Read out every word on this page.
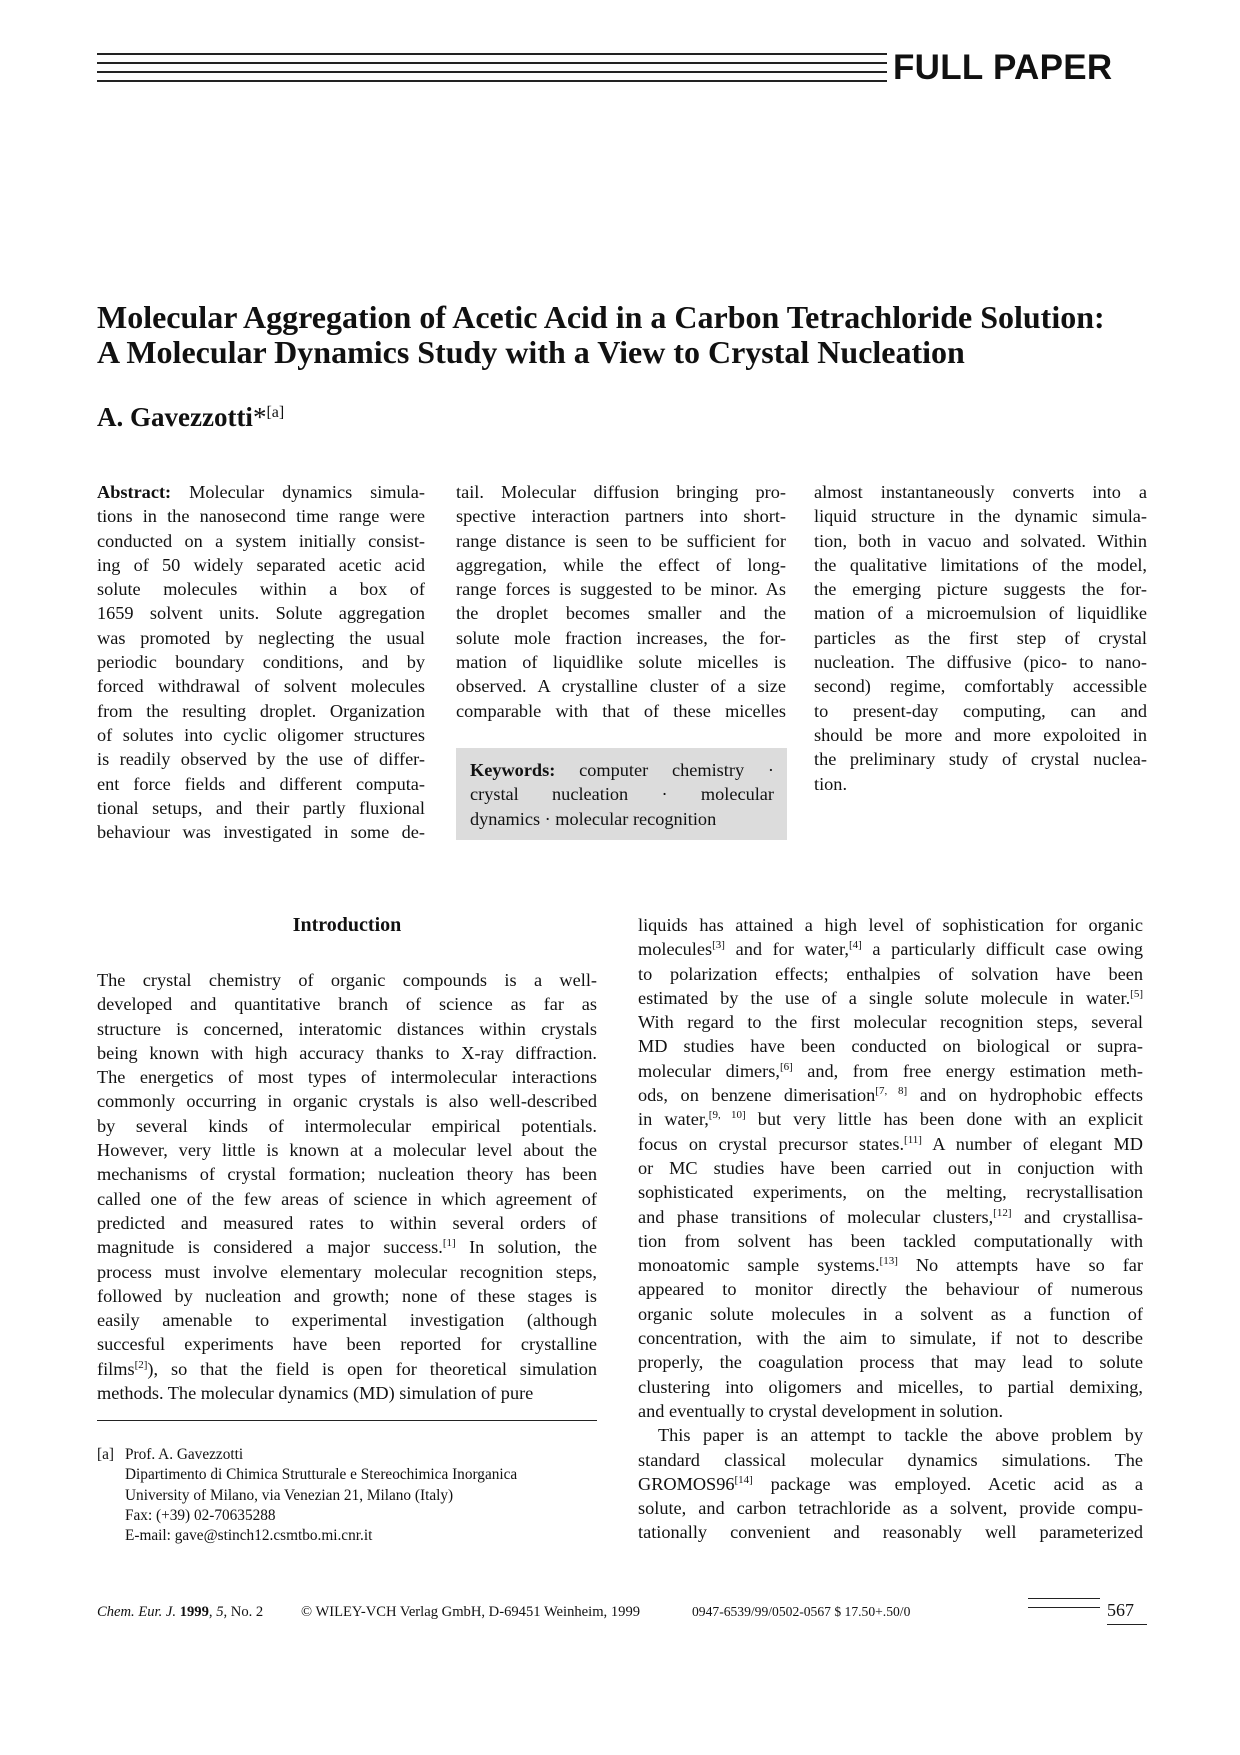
FULL PAPER
Molecular Aggregation of Acetic Acid in a Carbon Tetrachloride Solution:
A Molecular Dynamics Study with a View to Crystal Nucleation
A. Gavezzotti*[a]
Abstract: Molecular dynamics simula-
tions in the nanosecond time range were
conducted on a system initially consist-
ing of 50 widely separated acetic acid
solute molecules within a box of
1659 solvent units. Solute aggregation
was promoted by neglecting the usual
periodic boundary conditions, and by
forced withdrawal of solvent molecules
from the resulting droplet. Organization
of solutes into cyclic oligomer structures
is readily observed by the use of differ-
ent force fields and different computa-
tional setups, and their partly fluxional
behaviour was investigated in some de-
tail. Molecular diffusion bringing pro-
spective interaction partners into short-
range distance is seen to be sufficient for
aggregation, while the effect of long-
range forces is suggested to be minor. As
the droplet becomes smaller and the
solute mole fraction increases, the for-
mation of liquidlike solute micelles is
observed. A crystalline cluster of a size
comparable with that of these micelles
Keywords: computer chemistry ·
crystal nucleation · molecular
dynamics · molecular recognition
almost instantaneously converts into a
liquid structure in the dynamic simula-
tion, both in vacuo and solvated. Within
the qualitative limitations of the model,
the emerging picture suggests the for-
mation of a microemulsion of liquidlike
particles as the first step of crystal
nucleation. The diffusive (pico- to nano-
second) regime, comfortably accessible
to present-day computing, can and
should be more and more expoloited in
the preliminary study of crystal nuclea-
tion.
Introduction
The crystal chemistry of organic compounds is a well-
developed and quantitative branch of science as far as
structure is concerned, interatomic distances within crystals
being known with high accuracy thanks to X-ray diffraction.
The energetics of most types of intermolecular interactions
commonly occurring in organic crystals is also well-described
by several kinds of intermolecular empirical potentials.
However, very little is known at a molecular level about the
mechanisms of crystal formation; nucleation theory has been
called one of the few areas of science in which agreement of
predicted and measured rates to within several orders of
magnitude is considered a major success.[1] In solution, the
process must involve elementary molecular recognition steps,
followed by nucleation and growth; none of these stages is
easily amenable to experimental investigation (although
succesful experiments have been reported for crystalline
films[2]), so that the field is open for theoretical simulation
methods. The molecular dynamics (MD) simulation of pure
[a] Prof. A. Gavezzotti
Dipartimento di Chimica Strutturale e Stereochimica Inorganica
University of Milano, via Venezian 21, Milano (Italy)
Fax: (+39) 02-70635288
E-mail: gave@stinch12.csmtbo.mi.cnr.it
liquids has attained a high level of sophistication for organic
molecules[3] and for water,[4] a particularly difficult case owing
to polarization effects; enthalpies of solvation have been
estimated by the use of a single solute molecule in water.[5]
With regard to the first molecular recognition steps, several
MD studies have been conducted on biological or supra-
molecular dimers,[6] and, from free energy estimation meth-
ods, on benzene dimerisation[7, 8] and on hydrophobic effects
in water,[9, 10] but very little has been done with an explicit
focus on crystal precursor states.[11] A number of elegant MD
or MC studies have been carried out in conjuction with
sophisticated experiments, on the melting, recrystallisation
and phase transitions of molecular clusters,[12] and crystallisa-
tion from solvent has been tackled computationally with
monoatomic sample systems.[13] No attempts have so far
appeared to monitor directly the behaviour of numerous
organic solute molecules in a solvent as a function of
concentration, with the aim to simulate, if not to describe
properly, the coagulation process that may lead to solute
clustering into oligomers and micelles, to partial demixing,
and eventually to crystal development in solution.
This paper is an attempt to tackle the above problem by
standard classical molecular dynamics simulations. The
GROMOS96[14] package was employed. Acetic acid as a
solute, and carbon tetrachloride as a solvent, provide compu-
tationally convenient and reasonably well parameterized
Chem. Eur. J. 1999, 5, No. 2	© WILEY-VCH Verlag GmbH, D-69451 Weinheim, 1999	0947-6539/99/0502-0567 $ 17.50+.50/0	567
